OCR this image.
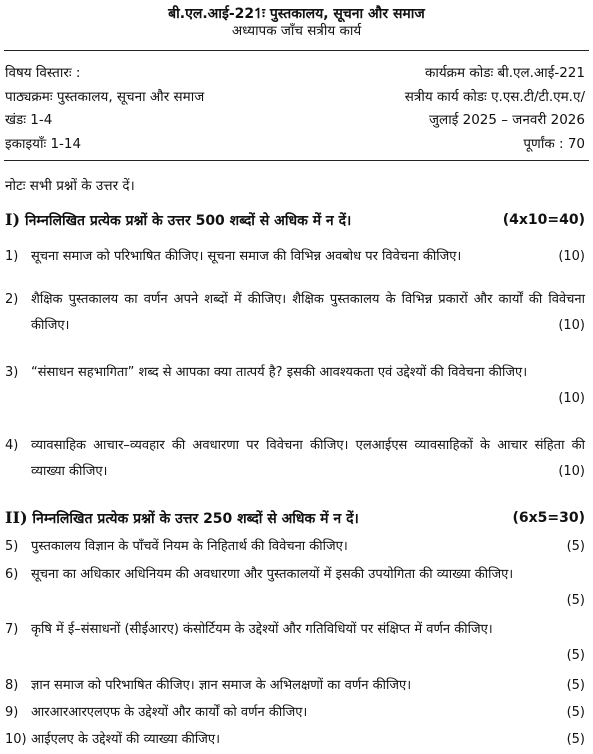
बी.एल.आई-221ः पुस्तकालय, सूचना और समाज
अध्यापक जाँच सत्रीय कार्य
विषय विस्तारः :
पाठ्यक्रमः पुस्तकालय, सूचना और समाज
खंडः 1-4
इकाइयाँः 1-14
कार्यक्रम कोडः बी.एल.आई-221
सत्रीय कार्य कोडः ए.एस.टी/टी.एम.ए/
जुलाई 2025 – जनवरी 2026
पूर्णांक : 70
नोटः सभी प्रश्नों के उत्तर दें।
I) निम्नलिखित प्रत्येक प्रश्नों के उत्तर 500 शब्दों से अधिक में न दें।	(4x10=40)
1) सूचना समाज को परिभाषित कीजिए। सूचना समाज की विभिन्न अवबोध पर विवेचना कीजिए।	(10)
2) शैक्षिक पुस्तकालय का वर्णन अपने शब्दों में कीजिए। शैक्षिक पुस्तकालय के विभिन्न प्रकारों और कार्यों की विवेचना कीजिए।	(10)
3) “संसाधन सहभागिता” शब्द से आपका क्या तात्पर्य है? इसकी आवश्यकता एवं उद्देश्यों की विवेचना कीजिए।
(10)
4) व्यावसाहिक आचार–व्यवहार की अवधारणा पर विवेचना कीजिए। एलआईएस व्यावसाहिकों के आचार संहिता की व्याख्या कीजिए।	(10)
II) निम्नलिखित प्रत्येक प्रश्नों के उत्तर 250 शब्दों से अधिक में न दें।	(6x5=30)
5) पुस्तकालय विज्ञान के पाँचवें नियम के निहितार्थ की विवेचना कीजिए।	(5)
6) सूचना का अधिकार अधिनियम की अवधारणा और पुस्तकालयों में इसकी उपयोगिता की व्याख्या कीजिए।
(5)
7) कृषि में ई–संसाधनों (सीईआरए) कंसोर्टियम के उद्देश्यों और गतिविधियों पर संक्षिप्त में वर्णन कीजिए।
(5)
8) ज्ञान समाज को परिभाषित कीजिए। ज्ञान समाज के अभिलक्षणों का वर्णन कीजिए।	(5)
9) आरआरआरएलएफ के उद्देश्यों और कार्यों को वर्णन कीजिए।	(5)
10) आईएलए के उद्देश्यों की व्याख्या कीजिए।	(5)
